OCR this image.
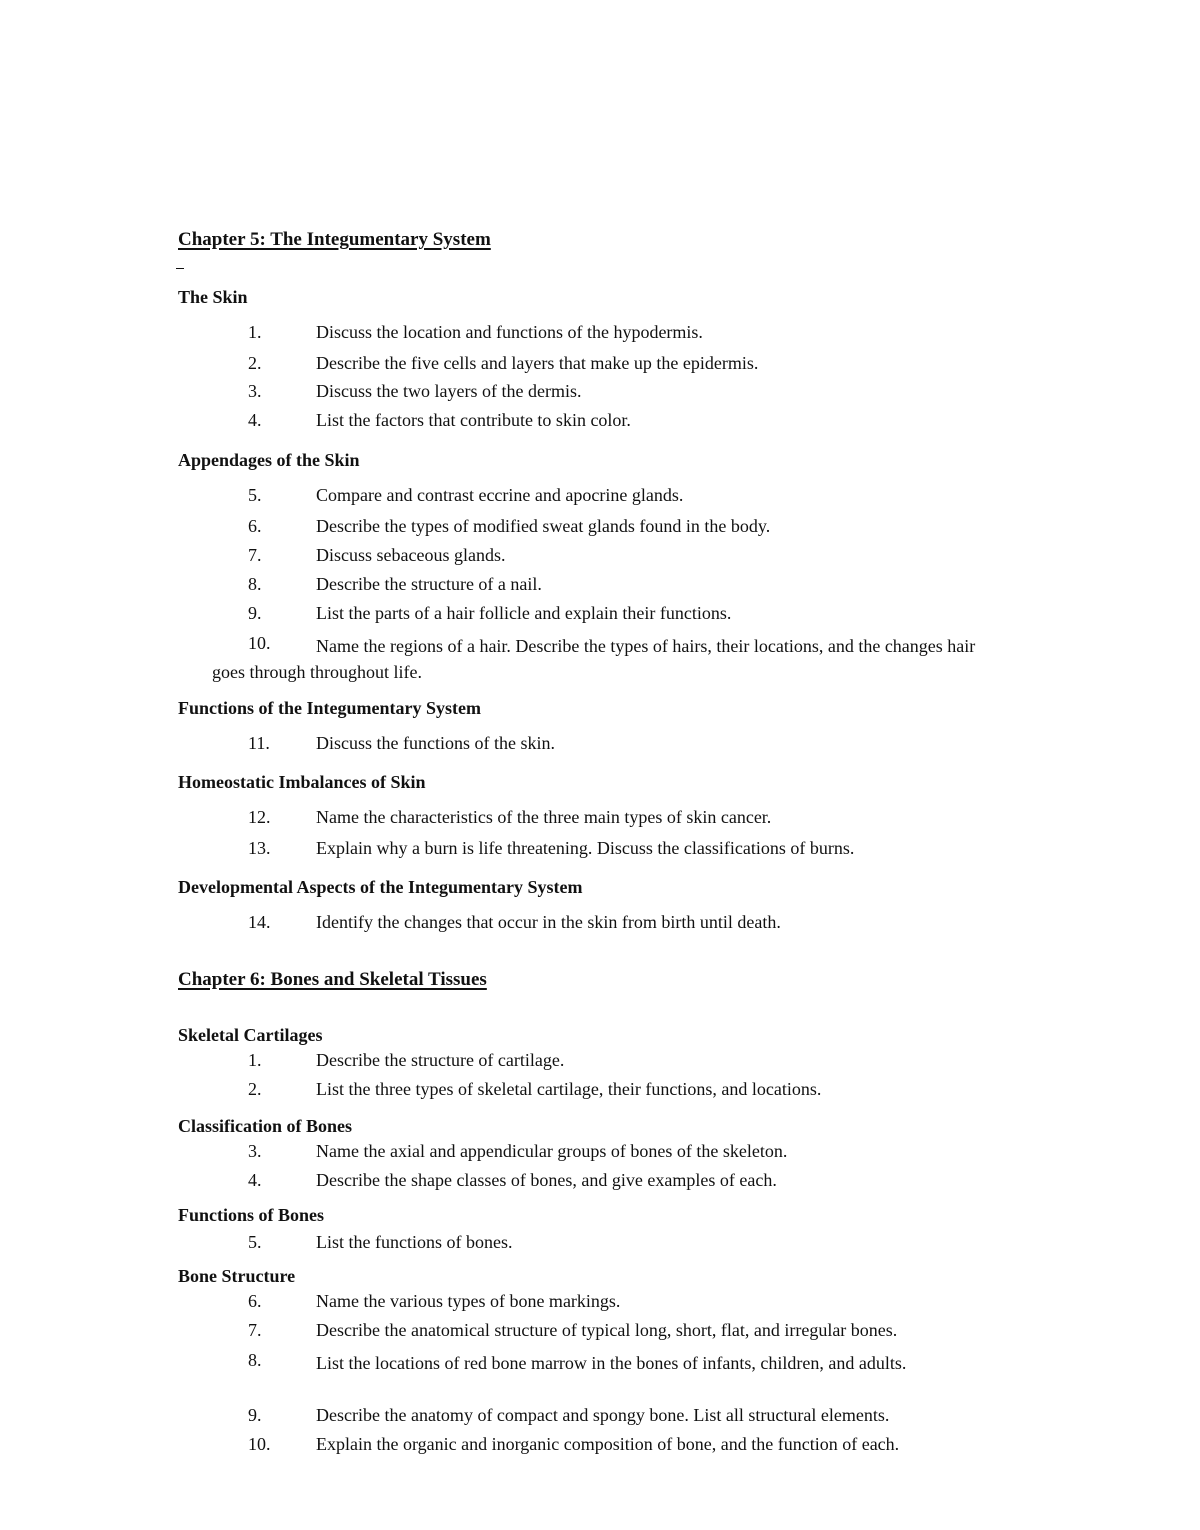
Chapter 5: The Integumentary System
The Skin
1.	Discuss the location and functions of the hypodermis.
2.	Describe the five cells and layers that make up the epidermis.
3.	Discuss the two layers of the dermis.
4.	List the factors that contribute to skin color.
Appendages of the Skin
5.	Compare and contrast eccrine and apocrine glands.
6.	Describe the types of modified sweat glands found in the body.
7.	Discuss sebaceous glands.
8.	Describe the structure of a nail.
9.	List the parts of a hair follicle and explain their functions.
10.	Name the regions of a hair. Describe the types of hairs, their locations, and the changes hair goes through throughout life.
Functions of the Integumentary System
11.	Discuss the functions of the skin.
Homeostatic Imbalances of Skin
12.	Name the characteristics of the three main types of skin cancer.
13.	Explain why a burn is life threatening. Discuss the classifications of burns.
Developmental Aspects of the Integumentary System
14.	Identify the changes that occur in the skin from birth until death.
Chapter 6: Bones and Skeletal Tissues
Skeletal Cartilages
1.	Describe the structure of cartilage.
2.	List the three types of skeletal cartilage, their functions, and locations.
Classification of Bones
3.	Name the axial and appendicular groups of bones of the skeleton.
4.	Describe the shape classes of bones, and give examples of each.
Functions of Bones
5.	List the functions of bones.
Bone Structure
6.	Name the various types of bone markings.
7.	Describe the anatomical structure of typical long, short, flat, and irregular bones.
8.	List the locations of red bone marrow in the bones of infants, children, and adults.
9.	Describe the anatomy of compact and spongy bone. List all structural elements.
10.	Explain the organic and inorganic composition of bone, and the function of each.
